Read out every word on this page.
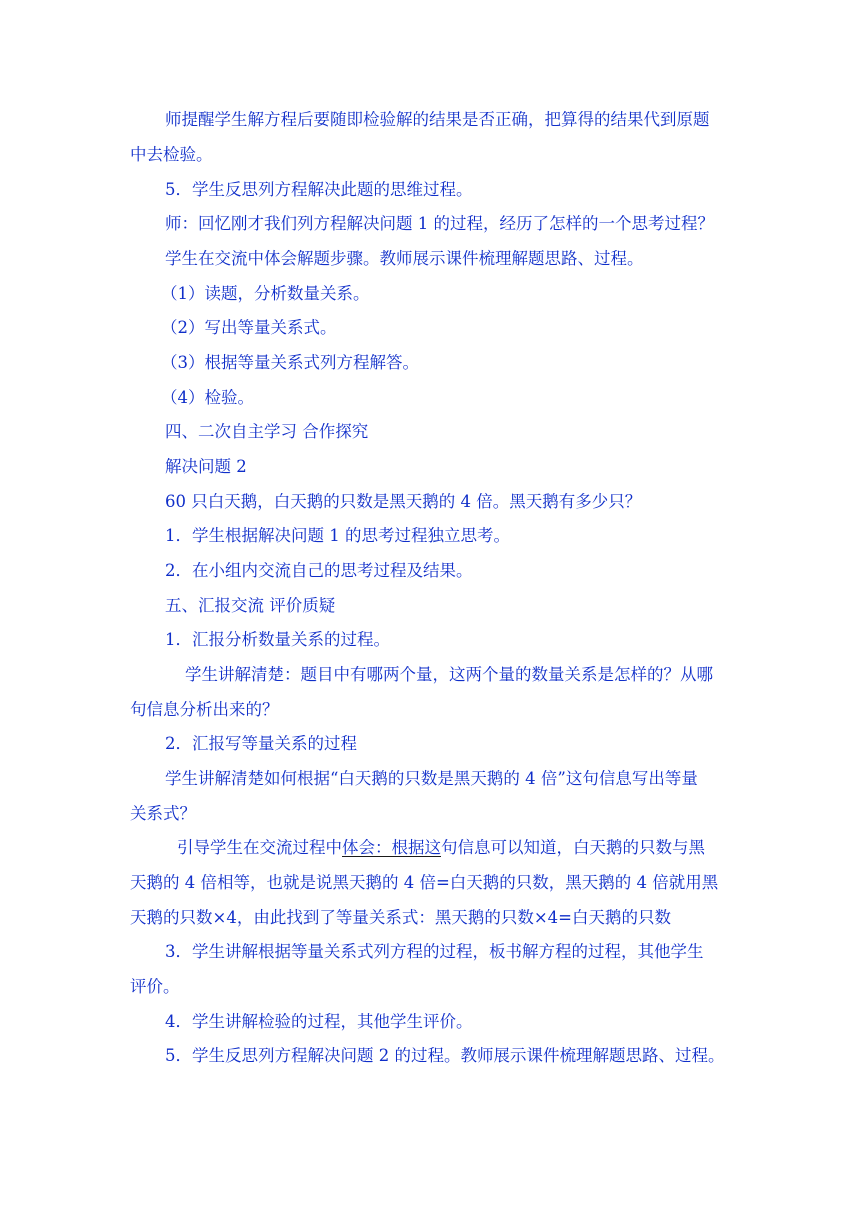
师提醒学生解方程后要随即检验解的结果是否正确，把算得的结果代到原题
中去检验。
5．学生反思列方程解决此题的思维过程。
师：回忆刚才我们列方程解决问题 1 的过程，经历了怎样的一个思考过程？
学生在交流中体会解题步骤。教师展示课件梳理解题思路、过程。
（1）读题，分析数量关系。
（2）写出等量关系式。
（3）根据等量关系式列方程解答。
（4）检验。
四、二次自主学习 合作探究
解决问题 2
60 只白天鹅，白天鹅的只数是黑天鹅的 4 倍。黑天鹅有多少只？
1．学生根据解决问题 1 的思考过程独立思考。
2．在小组内交流自己的思考过程及结果。
五、汇报交流 评价质疑
1．汇报分析数量关系的过程。
学生讲解清楚：题目中有哪两个量，这两个量的数量关系是怎样的？从哪
句信息分析出来的？
2．汇报写等量关系的过程
学生讲解清楚如何根据“白天鹅的只数是黑天鹅的 4 倍”这句信息写出等量
关系式？
引导学生在交流过程中体会：根据这句信息可以知道，白天鹅的只数与黑
天鹅的 4 倍相等，也就是说黑天鹅的 4 倍=白天鹅的只数，黑天鹅的 4 倍就用黑
天鹅的只数×4，由此找到了等量关系式：黑天鹅的只数×4=白天鹅的只数
3．学生讲解根据等量关系式列方程的过程，板书解方程的过程，其他学生
评价。
4．学生讲解检验的过程，其他学生评价。
5．学生反思列方程解决问题 2 的过程。教师展示课件梳理解题思路、过程。
